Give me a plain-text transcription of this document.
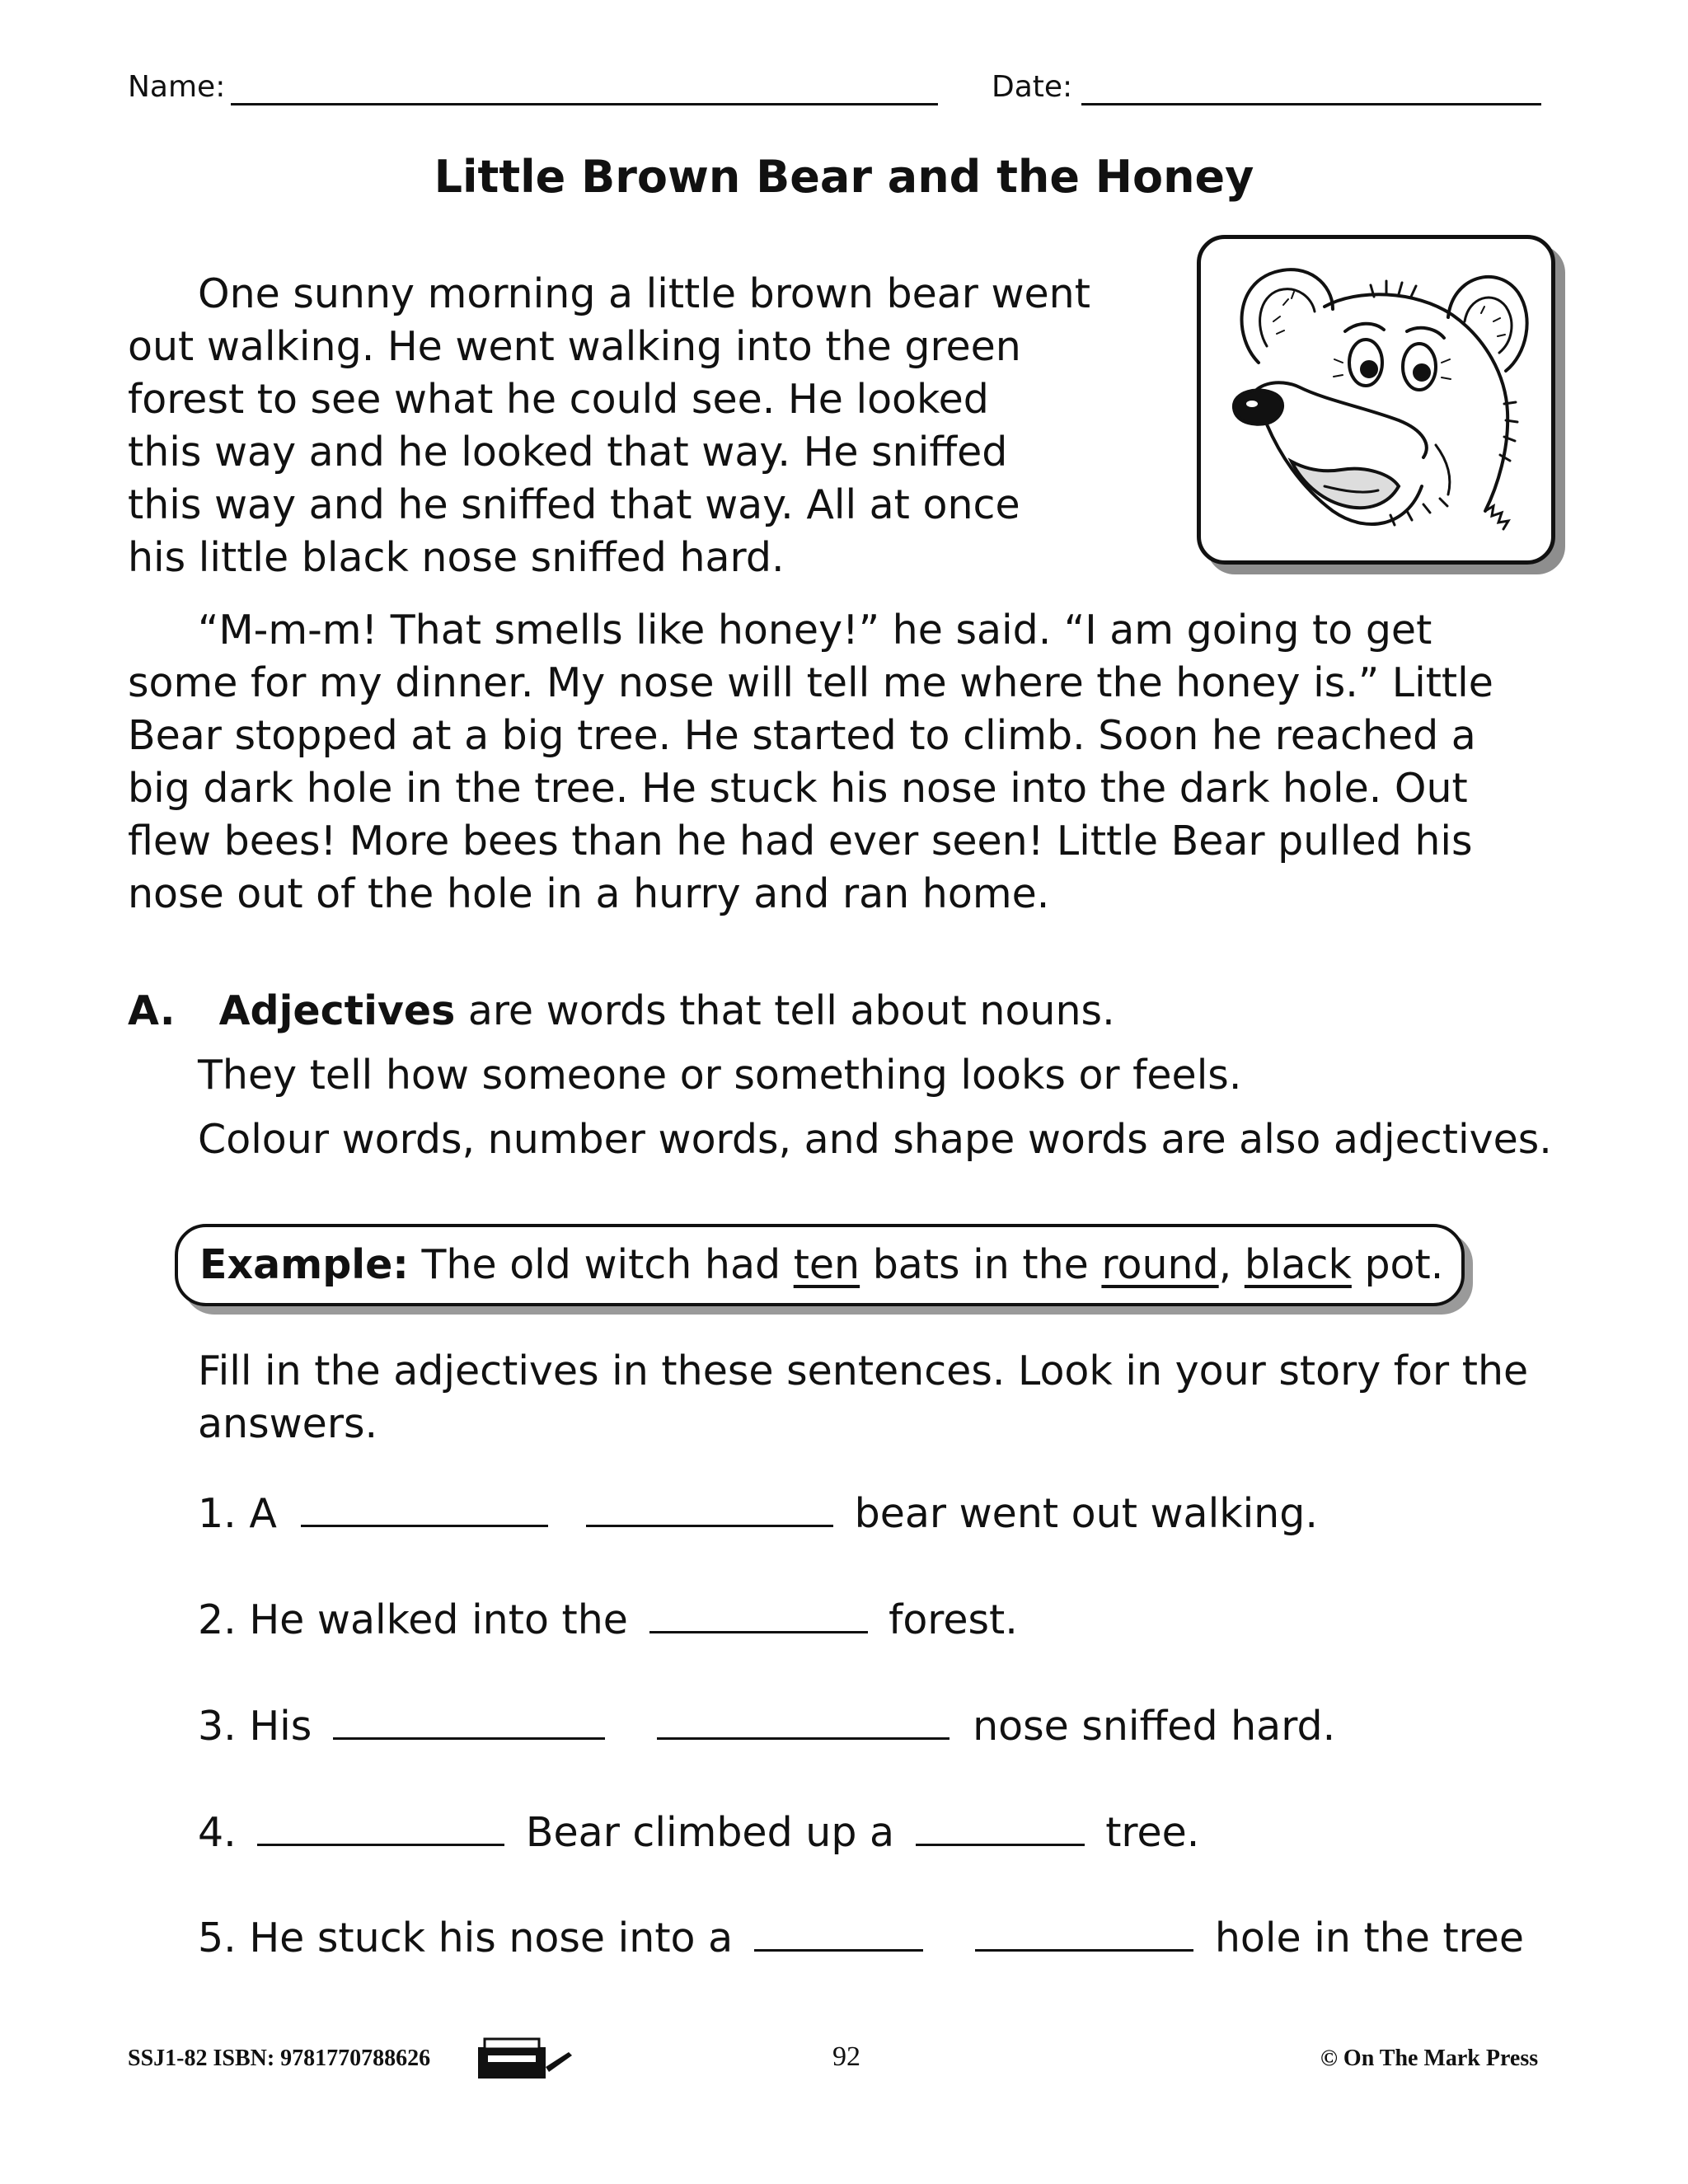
Name:	Date:
Little Brown Bear and the Honey
One sunny morning a little brown bear went
out walking. He went walking into the green
forest to see what he could see. He looked
this way and he looked that way. He sniffed
this way and he sniffed that way. All at once
his little black nose sniffed hard.

“M-m-m! That smells like honey!” he said. “I am going to get some for my dinner. My nose will tell me where the honey is.” Little Bear stopped at a big tree. He started to climb. Soon he reached a big dark hole in the tree. He stuck his nose into the dark hole. Out flew bees! More bees than he had ever seen! Little Bear pulled his nose out of the hole in a hurry and ran home.

A. Adjectives are words that tell about nouns.
They tell how someone or something looks or feels.
Colour words, number words, and shape words are also adjectives.
Example: The old witch had ten bats in the round, black pot.
Fill in the adjectives in these sentences. Look in your story for the answers.
1. A	bear went out walking.
2. He walked into the	forest.
3. His	nose sniffed hard.
4.	Bear climbed up a	tree.
5. He stuck his nose into a	hole in the tree
SSJ1-82 ISBN: 9781770788626	92	© On The Mark Press
